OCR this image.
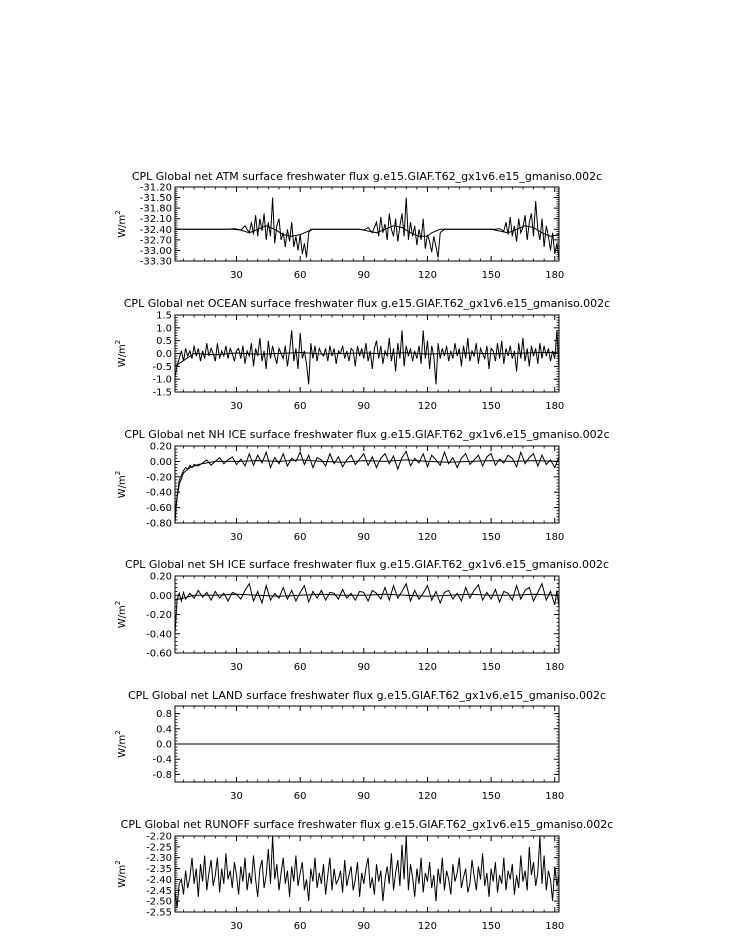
CPL Global net ATM surface freshwater flux g.e15.GIAF.T62_gx1v6.e15_gmaniso.002c
30	60	90	120	150	180
-31.20
-31.50
-31.80
-32.10
-32.40
-32.70
-33.00
-33.30
$W/m^2$
CPL Global net OCEAN surface freshwater flux g.e15.GIAF.T62_gx1v6.e15_gmaniso.002c
30	60	90	120	150	180
1.5
1.0
0.5
0.0
-0.5
-1.0
-1.5
$W/m^2$
CPL Global net NH ICE surface freshwater flux g.e15.GIAF.T62_gx1v6.e15_gmaniso.002c
30	60	90	120	150	180
0.20
0.00
-0.20
-0.40
-0.60
-0.80
$W/m^2$
CPL Global net SH ICE surface freshwater flux g.e15.GIAF.T62_gx1v6.e15_gmaniso.002c
30	60	90	120	150	180
0.20
0.00
-0.20
-0.40
-0.60
$W/m^2$
CPL Global net LAND surface freshwater flux g.e15.GIAF.T62_gx1v6.e15_gmaniso.002c
30	60	90	120	150	180
0.8
0.4
0.0
-0.4
-0.8
$W/m^2$
CPL Global net RUNOFF surface freshwater flux g.e15.GIAF.T62_gx1v6.e15_gmaniso.002c
30	60	90	120	150	180
-2.20
-2.25
-2.30
-2.35
-2.40
-2.45
-2.50
-2.55
$W/m^2$
